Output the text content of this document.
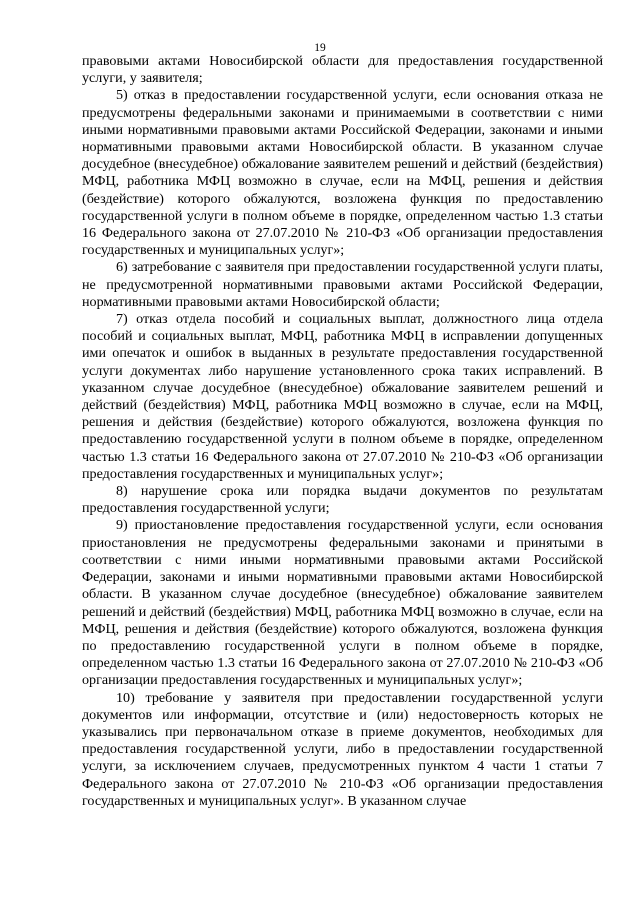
19

правовыми актами Новосибирской области для предоставления государственной услуги, у заявителя;

5) отказ в предоставлении государственной услуги, если основания отказа не предусмотрены федеральными законами и принимаемыми в соответствии с ними иными нормативными правовыми актами Российской Федерации, законами и иными нормативными правовыми актами Новосибирской области. В указанном случае досудебное (внесудебное) обжалование заявителем решений и действий (бездействия) МФЦ, работника МФЦ возможно в случае, если на МФЦ, решения и действия (бездействие) которого обжалуются, возложена функция по предоставлению государственной услуги в полном объеме в порядке, определенном частью 1.3 статьи 16 Федерального закона от 27.07.2010 № 210-ФЗ «Об организации предоставления государственных и муниципальных услуг»;

6) затребование с заявителя при предоставлении государственной услуги платы, не предусмотренной нормативными правовыми актами Российской Федерации, нормативными правовыми актами Новосибирской области;

7) отказ отдела пособий и социальных выплат, должностного лица отдела пособий и социальных выплат, МФЦ, работника МФЦ в исправлении допущенных ими опечаток и ошибок в выданных в результате предоставления государственной услуги документах либо нарушение установленного срока таких исправлений. В указанном случае досудебное (внесудебное) обжалование заявителем решений и действий (бездействия) МФЦ, работника МФЦ возможно в случае, если на МФЦ, решения и действия (бездействие) которого обжалуются, возложена функция по предоставлению государственной услуги в полном объеме в порядке, определенном частью 1.3 статьи 16 Федерального закона от 27.07.2010 № 210-ФЗ «Об организации предоставления государственных и муниципальных услуг»;

8) нарушение срока или порядка выдачи документов по результатам предоставления государственной услуги;

9) приостановление предоставления государственной услуги, если основания приостановления не предусмотрены федеральными законами и принятыми в соответствии с ними иными нормативными правовыми актами Российской Федерации, законами и иными нормативными правовыми актами Новосибирской области. В указанном случае досудебное (внесудебное) обжалование заявителем решений и действий (бездействия) МФЦ, работника МФЦ возможно в случае, если на МФЦ, решения и действия (бездействие) которого обжалуются, возложена функция по предоставлению государственной услуги в полном объеме в порядке, определенном частью 1.3 статьи 16 Федерального закона от 27.07.2010 № 210-ФЗ «Об организации предоставления государственных и муниципальных услуг»;

10) требование у заявителя при предоставлении государственной услуги документов или информации, отсутствие и (или) недостоверность которых не указывались при первоначальном отказе в приеме документов, необходимых для предоставления государственной услуги, либо в предоставлении государственной услуги, за исключением случаев, предусмотренных пунктом 4 части 1 статьи 7 Федерального закона от 27.07.2010 № 210-ФЗ «Об организации предоставления государственных и муниципальных услуг». В указанном случае
